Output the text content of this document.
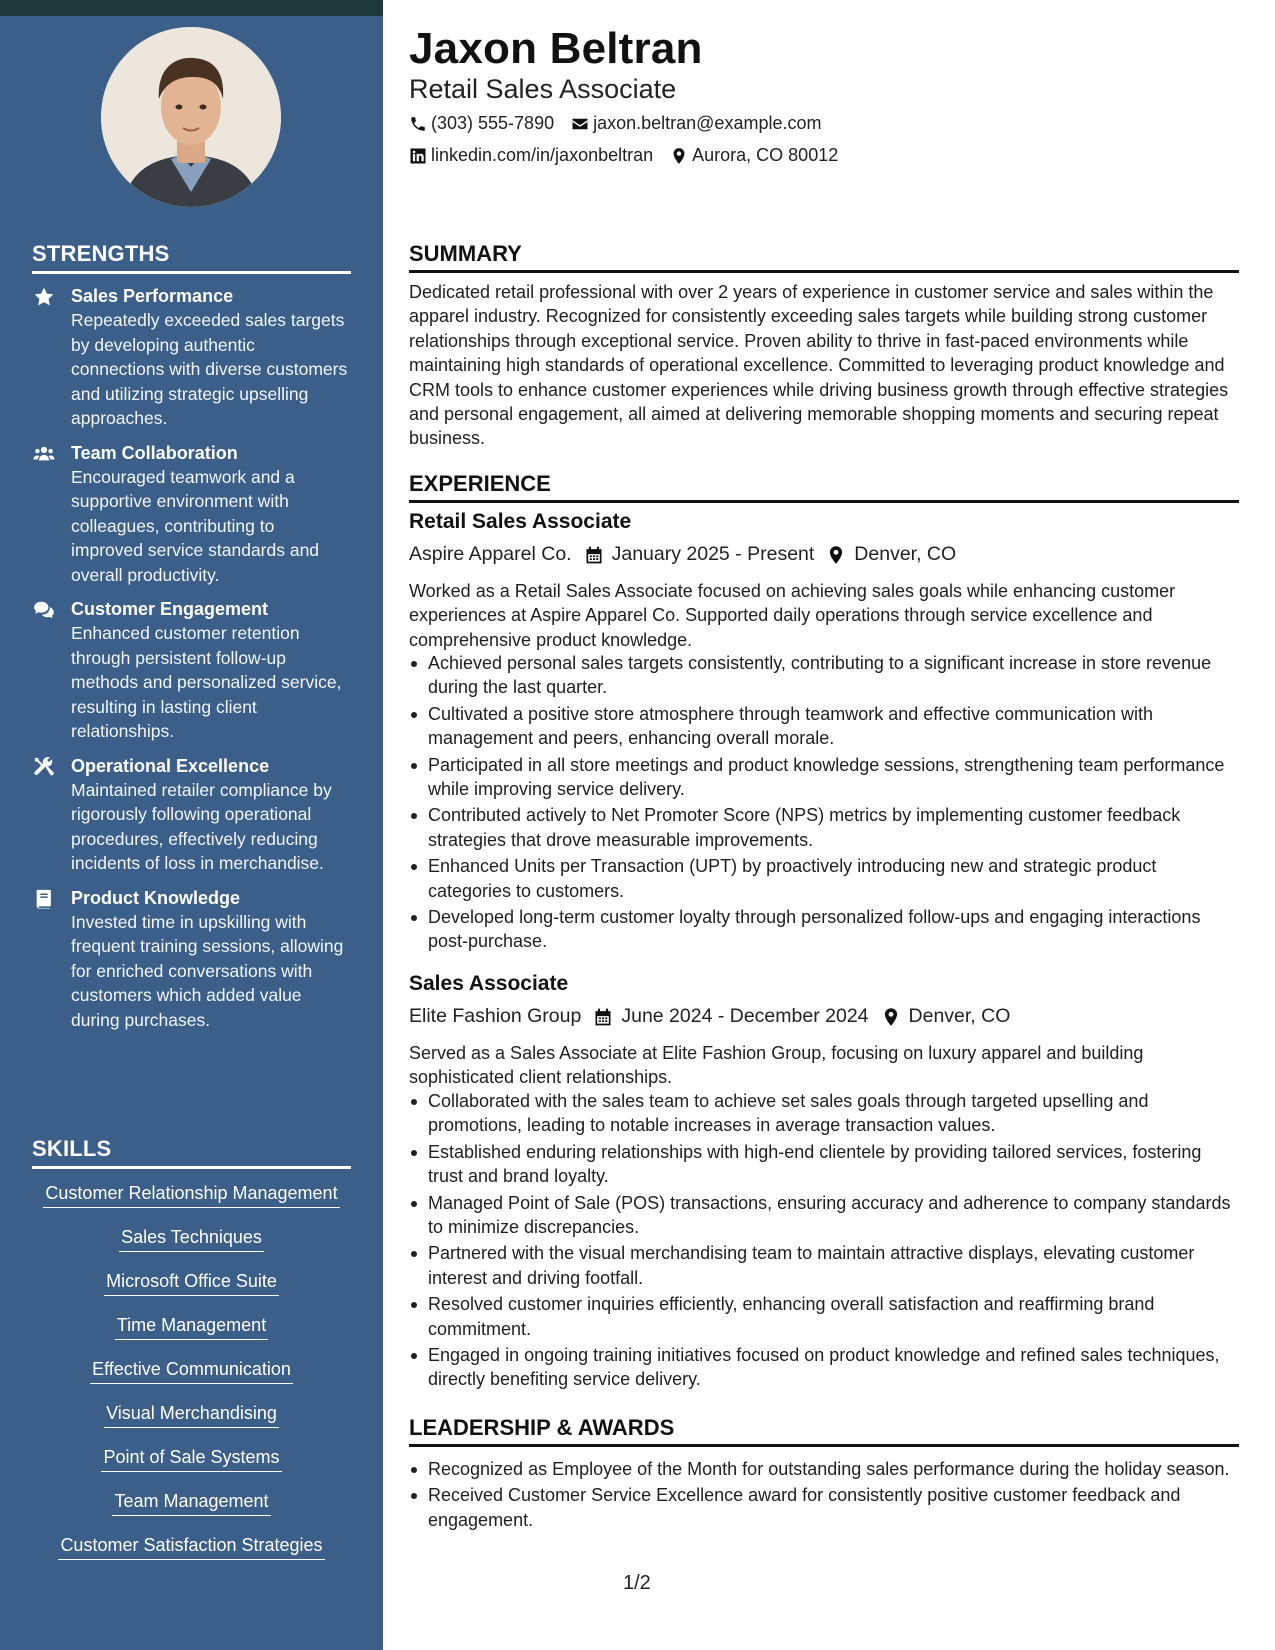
STRENGTHS
Sales Performance
Repeatedly exceeded sales targets by developing authentic connections with diverse customers and utilizing strategic upselling approaches.
Team Collaboration
Encouraged teamwork and a supportive environment with colleagues, contributing to improved service standards and overall productivity.
Customer Engagement
Enhanced customer retention through persistent follow-up methods and personalized service, resulting in lasting client relationships.
Operational Excellence
Maintained retailer compliance by rigorously following operational procedures, effectively reducing incidents of loss in merchandise.
Product Knowledge
Invested time in upskilling with frequent training sessions, allowing for enriched conversations with customers which added value during purchases.
SKILLS
Customer Relationship Management
Sales Techniques
Microsoft Office Suite
Time Management
Effective Communication
Visual Merchandising
Point of Sale Systems
Team Management
Customer Satisfaction Strategies
Jaxon Beltran
Retail Sales Associate
(303) 555-7890 jaxon.beltran@example.com
linkedin.com/in/jaxonbeltran Aurora, CO 80012
SUMMARY
Dedicated retail professional with over 2 years of experience in customer service and sales within the apparel industry. Recognized for consistently exceeding sales targets while building strong customer relationships through exceptional service. Proven ability to thrive in fast-paced environments while maintaining high standards of operational excellence. Committed to leveraging product knowledge and CRM tools to enhance customer experiences while driving business growth through effective strategies and personal engagement, all aimed at delivering memorable shopping moments and securing repeat business.
EXPERIENCE
Retail Sales Associate
Aspire Apparel Co. January 2025 - Present Denver, CO
Worked as a Retail Sales Associate focused on achieving sales goals while enhancing customer experiences at Aspire Apparel Co. Supported daily operations through service excellence and comprehensive product knowledge.
Achieved personal sales targets consistently, contributing to a significant increase in store revenue during the last quarter.
Cultivated a positive store atmosphere through teamwork and effective communication with management and peers, enhancing overall morale.
Participated in all store meetings and product knowledge sessions, strengthening team performance while improving service delivery.
Contributed actively to Net Promoter Score (NPS) metrics by implementing customer feedback strategies that drove measurable improvements.
Enhanced Units per Transaction (UPT) by proactively introducing new and strategic product categories to customers.
Developed long-term customer loyalty through personalized follow-ups and engaging interactions post-purchase.
Sales Associate
Elite Fashion Group June 2024 - December 2024 Denver, CO
Served as a Sales Associate at Elite Fashion Group, focusing on luxury apparel and building sophisticated client relationships.
Collaborated with the sales team to achieve set sales goals through targeted upselling and promotions, leading to notable increases in average transaction values.
Established enduring relationships with high-end clientele by providing tailored services, fostering trust and brand loyalty.
Managed Point of Sale (POS) transactions, ensuring accuracy and adherence to company standards to minimize discrepancies.
Partnered with the visual merchandising team to maintain attractive displays, elevating customer interest and driving footfall.
Resolved customer inquiries efficiently, enhancing overall satisfaction and reaffirming brand commitment.
Engaged in ongoing training initiatives focused on product knowledge and refined sales techniques, directly benefiting service delivery.
LEADERSHIP & AWARDS
Recognized as Employee of the Month for outstanding sales performance during the holiday season.
Received Customer Service Excellence award for consistently positive customer feedback and engagement.
1/2
